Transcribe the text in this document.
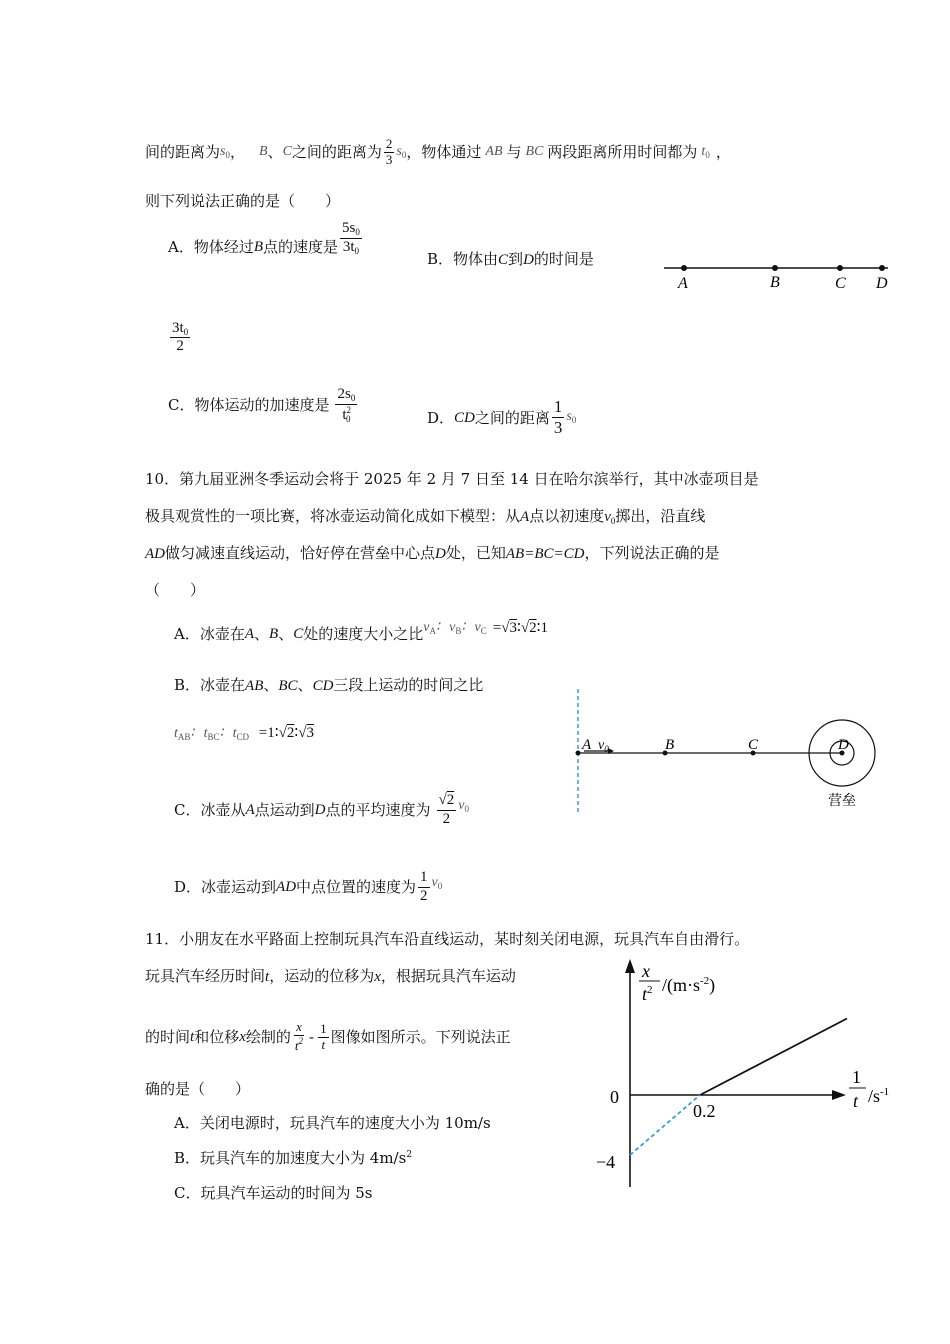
间的距离为 $s_0$ ， B 、 C 之间的距离为 $\frac{2}{3} s_0$ ，物体通过 AB 与 BC 两段距离所用时间都为 $t_0$ ，
则下列说法正确的是（　　）
A．物体经过 B 点的速度是 $\frac{5s_0}{3t_0}$
B．物体由C到D的时间是
$\frac{3t_0}{2}$
A	B	C D
C．物体运动的加速度是 $\frac{2s_0}{t^2_0}$	D． CD 之间的距离 $\frac{1}{3} s_0$
10．第九届亚洲冬季运动会将于 2025 年 2 月 7 日至 14 日在哈尔滨举行，其中冰壶项目是
极具观赏性的一项比赛，将冰壶运动简化成如下模型：从A点以初速度$v_0$掷出，沿直线
AD做匀减速直线运动，恰好停在营垒中心点D处，已知AB=BC=CD，下列说法正确的是
（　　）
A．冰壶在 A 、 B 、 C 处的速度大小之比 $v_A∶$ $v_B∶$ $v_C$ =√3∶√2∶1
B．冰壶在AB、BC、CD三段上运动的时间之比
$t_{AB}∶$ $t_{BC}∶$ $t_{CD}$ =1∶√2∶√3
A $v_0$	B	C	D
营垒
C．冰壶从 A 点运动到 D 点的平均速度为 $\frac{√2}{2} v_0$
D．冰壶运动到 AD 中点位置的速度为 $\frac{1}{2} v_0$
11．小朋友在水平路面上控制玩具汽车沿直线运动，某时刻关闭电源，玩具汽车自由滑行。
玩具汽车经历时间t，运动的位移为x，根据玩具汽车运动
的时间 t 和位移 x 绘制的 $\frac{x}{t^2} - \frac{1}{t}$ 图像如图所示。下列说法正
确的是（　　）
A．关闭电源时，玩具汽车的速度大小为 10m/s
B．玩具汽车的加速度大小为 $4m/s^2$
C．玩具汽车运动的时间为 5s
x
$t^2$ $/(m\cdot s^{-2})$
1
t $/s^{-1}$
0
0.2
−4
